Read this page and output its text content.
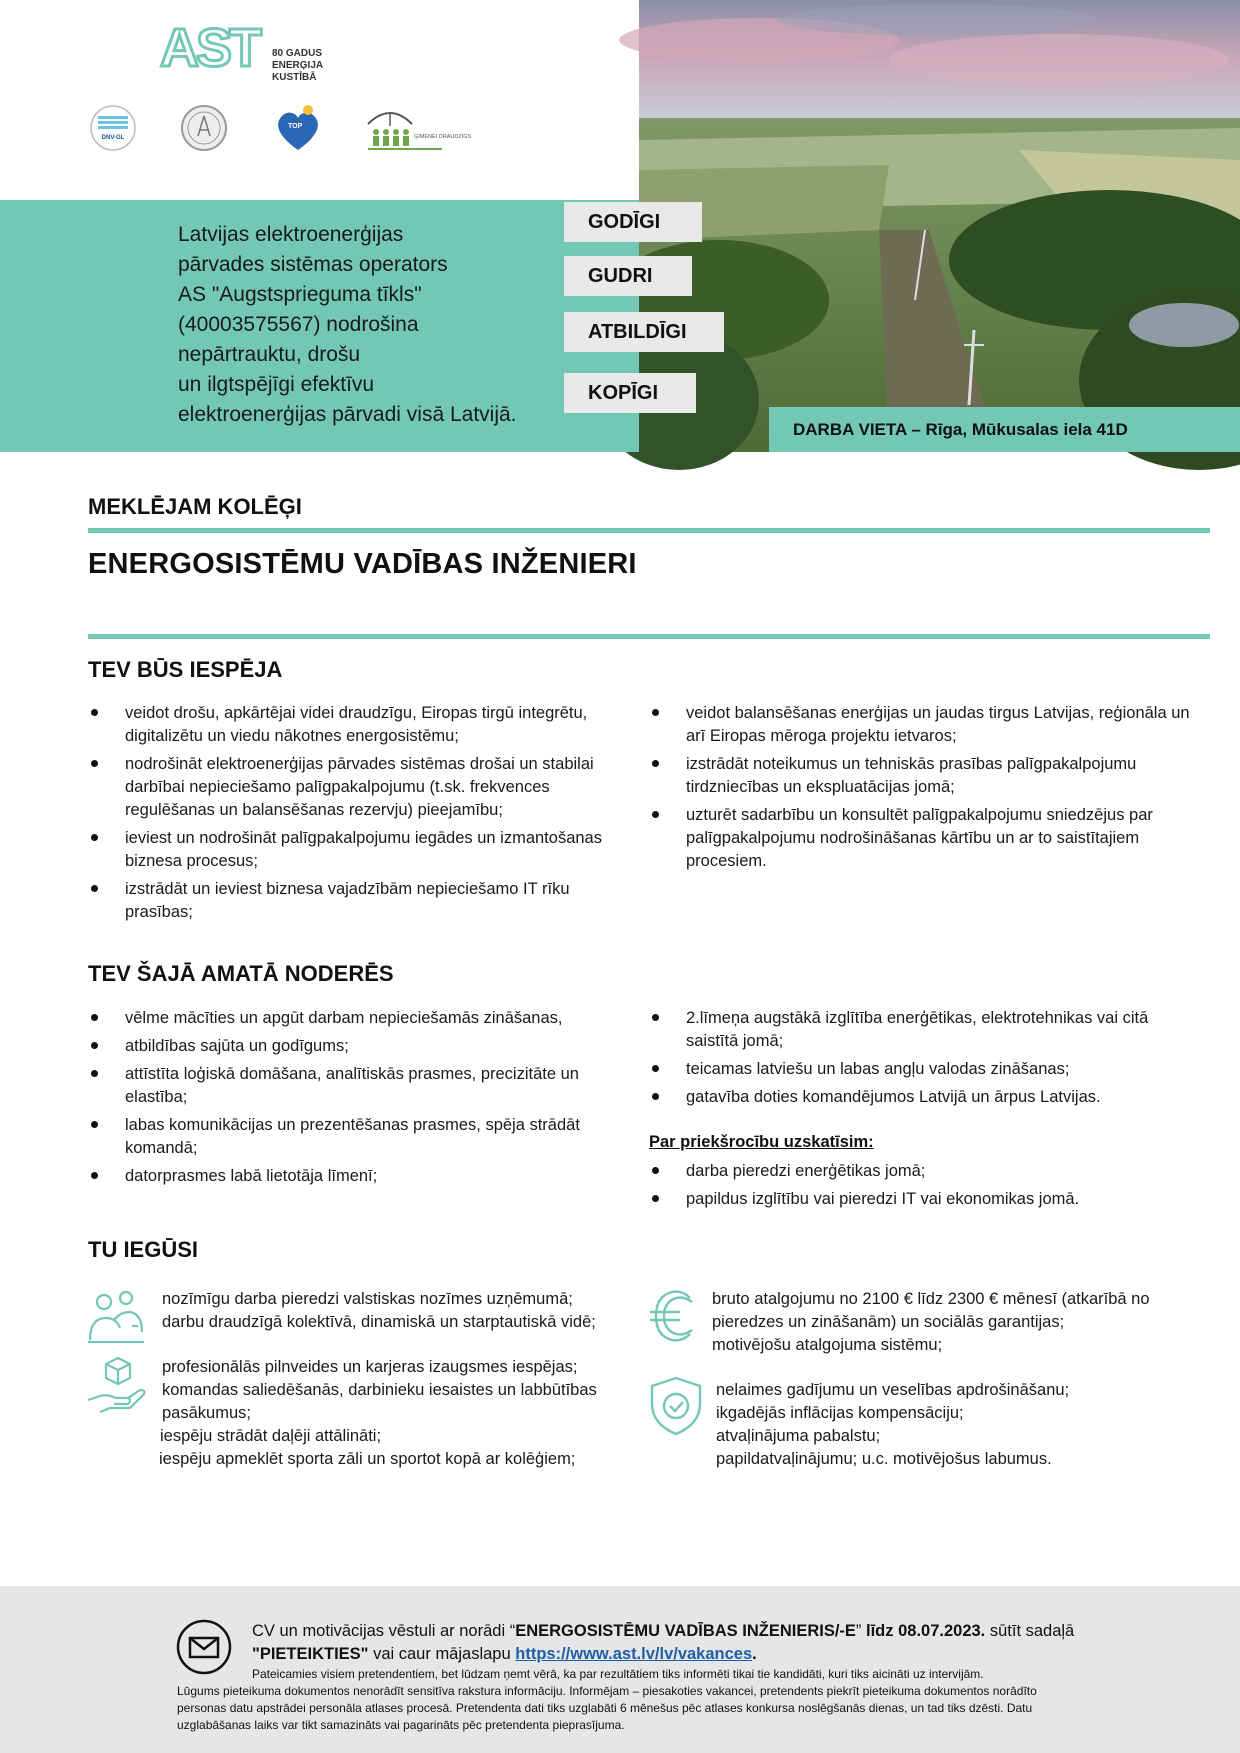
AST	80 GADUS
ENERĢIJA
KUSTĪBĀ
DNV-GL
TOP
ĢIMENEI DRAUDZĪGS
Latvijas elektroenerģijas
pārvades sistēmas operators
AS "Augstsprieguma tīkls"
(40003575567) nodrošina
nepārtrauktu, drošu
un ilgtspējīgi efektīvu
elektroenerģijas pārvadi visā Latvijā.
GODĪGI
GUDRI
ATBILDĪGI
KOPĪGI
DARBA VIETA – Rīga, Mūkusalas iela 41D
MEKLĒJAM KOLĒĢI
ENERGOSISTĒMU VADĪBAS INŽENIERI
TEV BŪS IESPĒJA
veidot drošu, apkārtējai videi draudzīgu, Eiropas tirgū integrētu, digitalizētu un viedu nākotnes energosistēmu;
nodrošināt elektroenerģijas pārvades sistēmas drošai un stabilai darbībai nepieciešamo palīgpakalpojumu (t.sk. frekvences regulēšanas un balansēšanas rezervju) pieejamību;
ieviest un nodrošināt palīgpakalpojumu iegādes un izmantošanas biznesa procesus;
izstrādāt un ieviest biznesa vajadzībām nepieciešamo IT rīku prasības;
veidot balansēšanas enerģijas un jaudas tirgus Latvijas, reģionāla un arī Eiropas mēroga projektu ietvaros;
izstrādāt noteikumus un tehniskās prasības palīgpakalpojumu tirdzniecības un ekspluatācijas jomā;
uzturēt sadarbību un konsultēt palīgpakalpojumu sniedzējus par palīgpakalpojumu nodrošināšanas kārtību un ar to saistītajiem procesiem.
TEV ŠAJĀ AMATĀ NODERĒS
vēlme mācīties un apgūt darbam nepieciešamās zināšanas,
atbildības sajūta un godīgums;
attīstīta loģiskā domāšana, analītiskās prasmes, precizitāte un elastība;
labas komunikācijas un prezentēšanas prasmes, spēja strādāt komandā;
datorprasmes labā lietotāja līmenī;
2.līmeņa augstākā izglītība enerģētikas, elektrotehnikas vai citā saistītā jomā;
teicamas latviešu un labas angļu valodas zināšanas;
gatavība doties komandējumos Latvijā un ārpus Latvijas.
Par priekšrocību uzskatīsim:
darba pieredzi enerģētikas jomā;
papildus izglītību vai pieredzi IT vai ekonomikas jomā.
TU IEGŪSI
nozīmīgu darba pieredzi valstiskas nozīmes uzņēmumā;
darbu draudzīgā kolektīvā, dinamiskā un starptautiskā vidē;
profesionālās pilnveides un karjeras izaugsmes iespējas;
komandas saliedēšanās, darbinieku iesaistes un labbūtības
pasākumus;
iespēju strādāt daļēji attālināti;
iespēju apmeklēt sporta zāli un sportot kopā ar kolēģiem;
bruto atalgojumu no 2100 € līdz 2300 € mēnesī (atkarībā no
pieredzes un zināšanām) un sociālās garantijas;
motivējošu atalgojuma sistēmu;
nelaimes gadījumu un veselības apdrošināšanu;
ikgadējās inflācijas kompensāciju;
atvaļinājuma pabalstu;
papildatvaļinājumu; u.c. motivējošus labumus.
CV un motivācijas vēstuli ar norādi “ENERGOSISTĒMU VADĪBAS INŽENIERIS/-E” līdz 08.07.2023. sūtīt sadaļā
"PIETEIKTIES" vai caur mājaslapu https://www.ast.lv/lv/vakances.
Pateicamies visiem pretendentiem, bet lūdzam ņemt vērā, ka par rezultātiem tiks informēti tikai tie kandidāti, kuri tiks aicināti uz intervijām.
Lūgums pieteikuma dokumentos nenorādīt sensitīva rakstura informāciju. Informējam – piesakoties vakancei, pretendents piekrīt pieteikuma dokumentos norādīto personas datu apstrādei personāla atlases procesā. Pretendenta dati tiks uzglabāti 6 mēnešus pēc atlases konkursa noslēgšanās dienas, un tad tiks dzēsti. Datu uzglabāšanas laiks var tikt samazināts vai pagarināts pēc pretendenta pieprasījuma.
